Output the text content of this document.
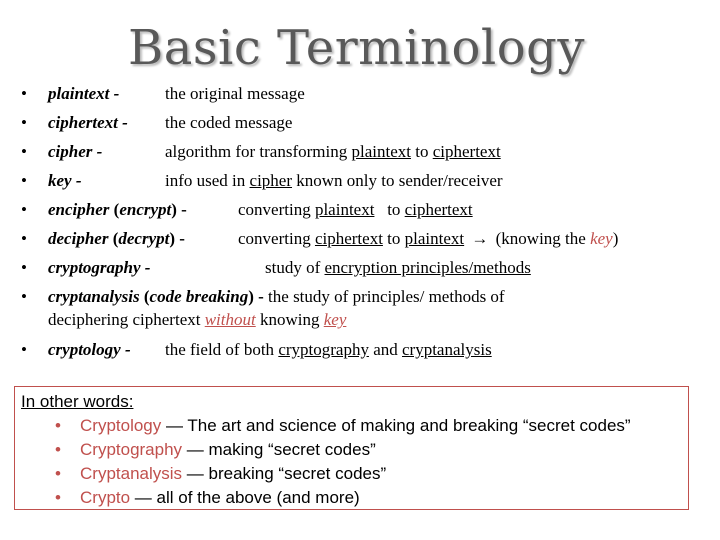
Basic Terminology
• plaintext -	the original message
• ciphertext - the coded message
• cipher -	algorithm for transforming plaintext to ciphertext
• key -	info used in cipher known only to sender/receiver
• encipher (encrypt) -	converting plaintext   to ciphertext
• decipher (decrypt) -	converting ciphertext to plaintext → (knowing the key)
• cryptography -	study of encryption principles/methods
• cryptanalysis (code breaking) - the study of principles/ methods of
deciphering ciphertext without knowing key
• cryptology - the field of both cryptography and cryptanalysis
In other words:
• Cryptology — The art and science of making and breaking “secret codes”
• Cryptography — making “secret codes”
• Cryptanalysis — breaking “secret codes”
• Crypto — all of the above (and more)
